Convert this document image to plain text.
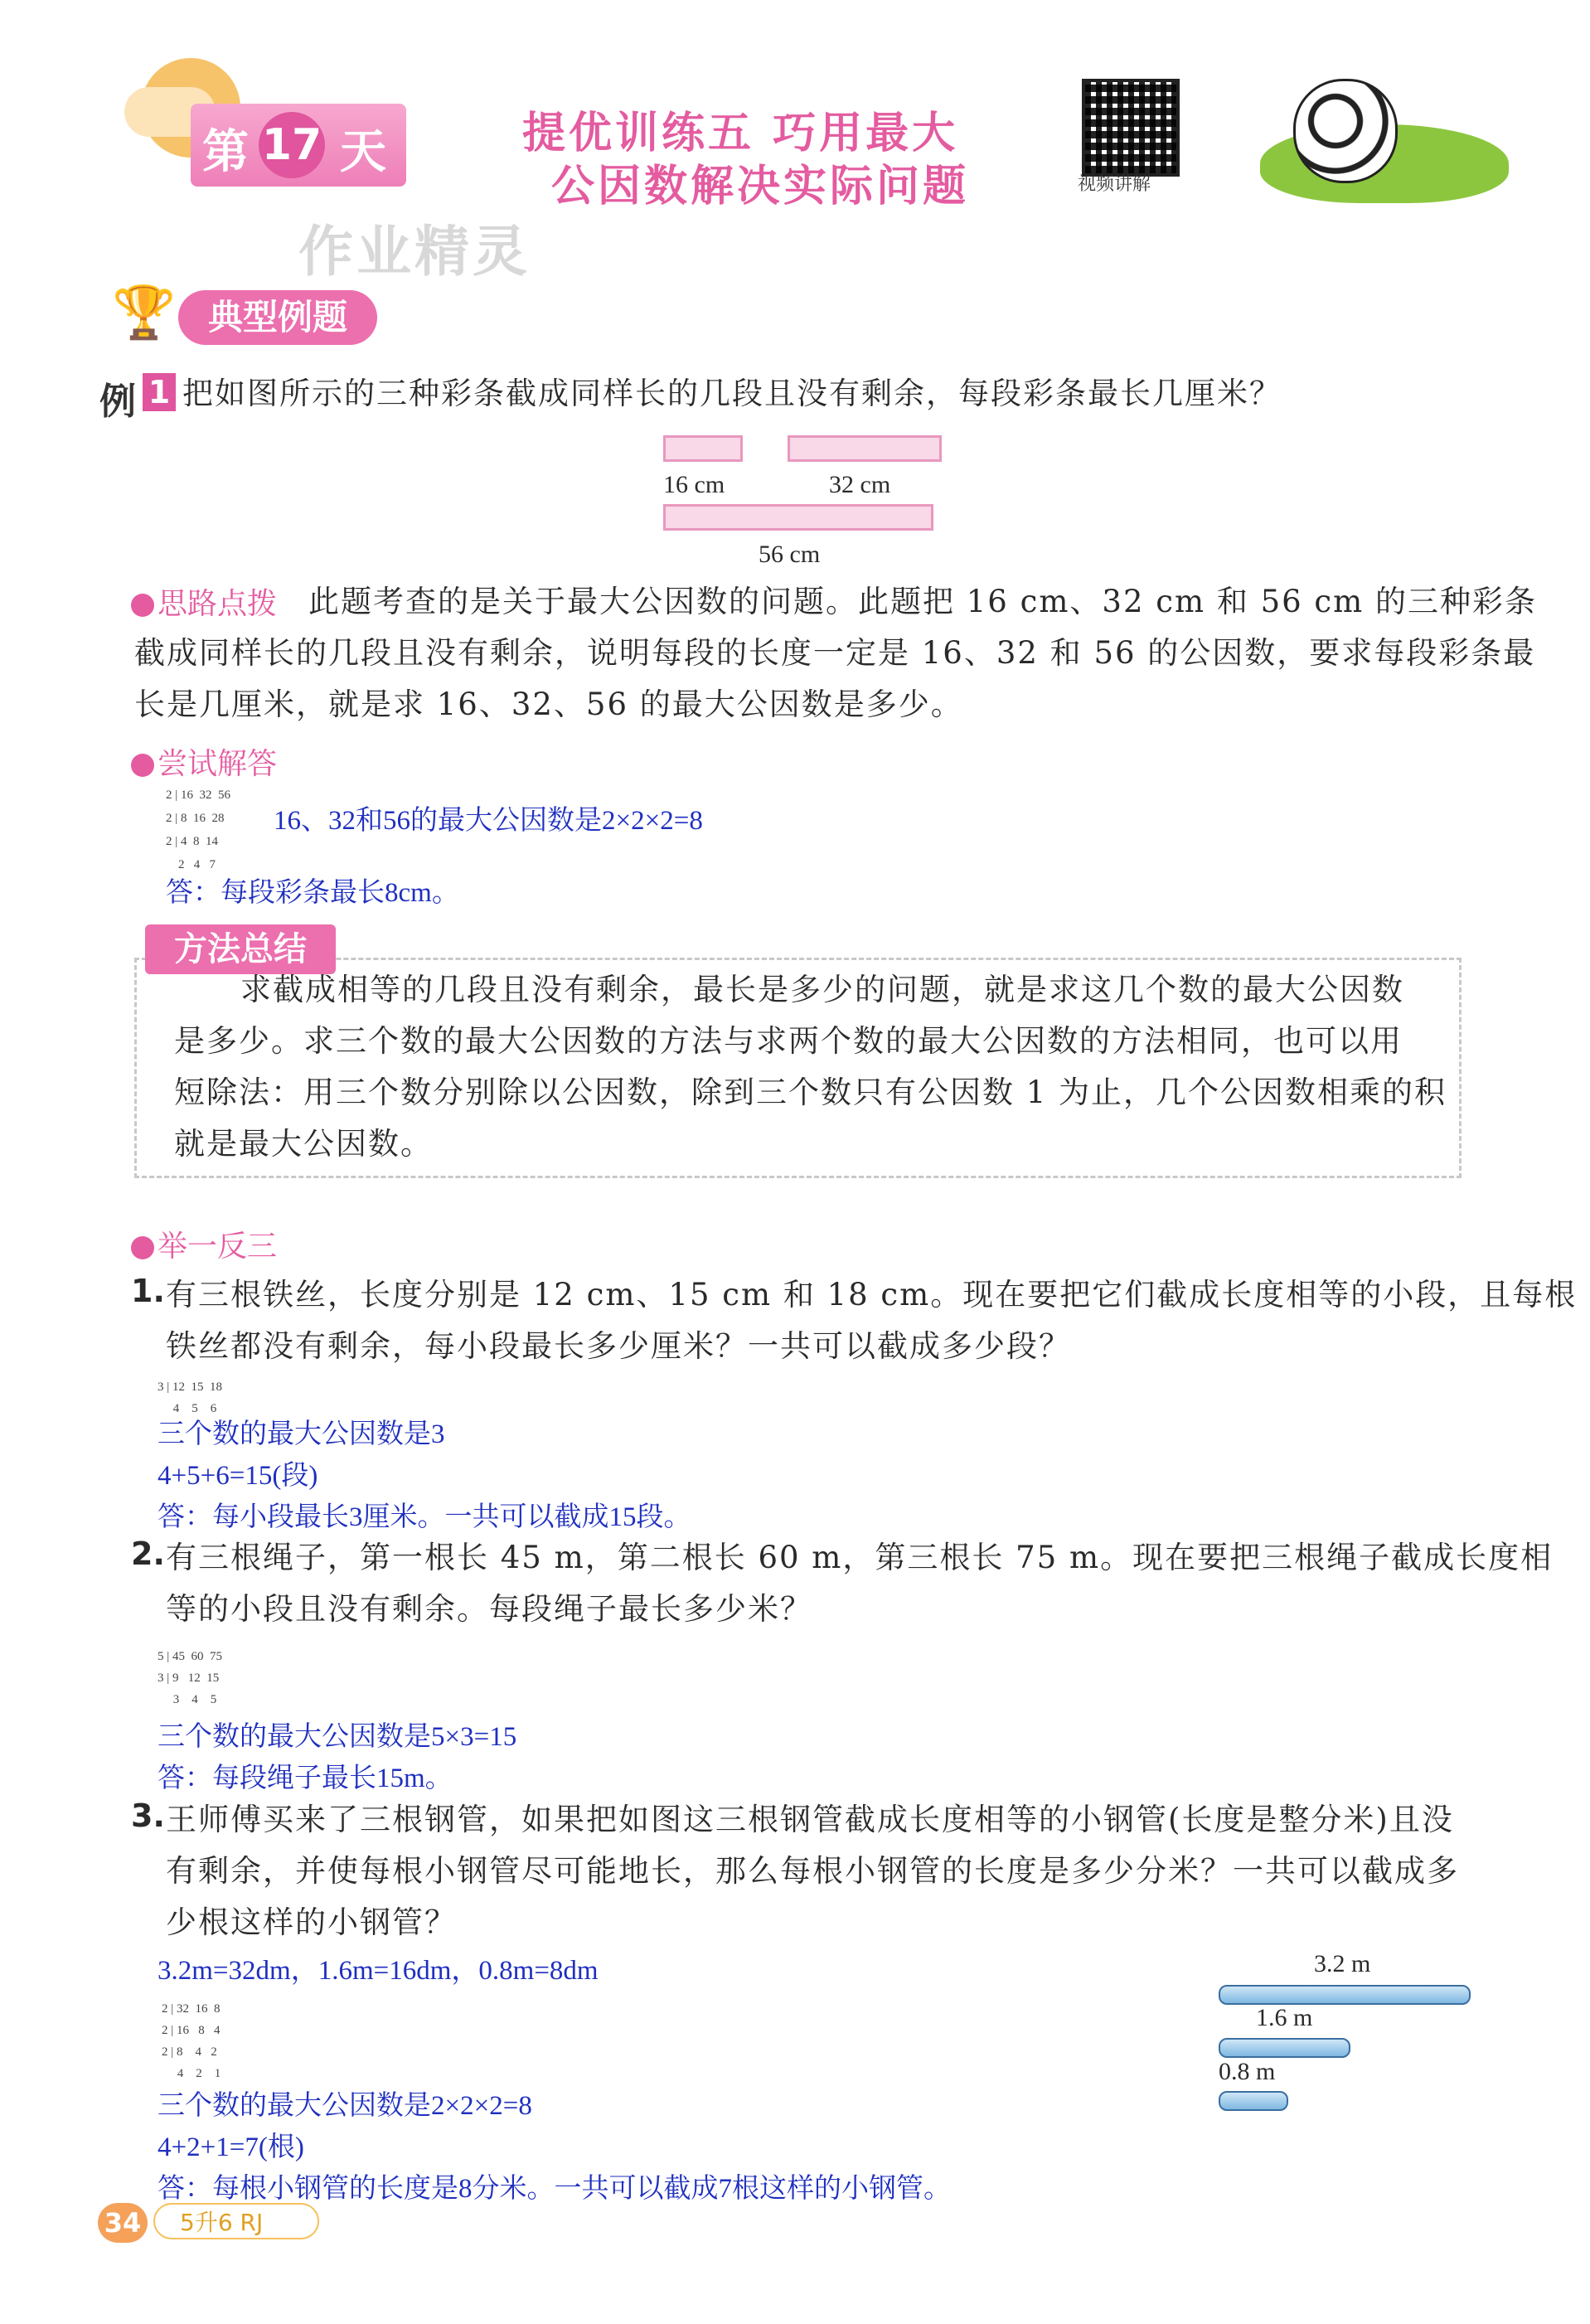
第 17 天	提优训练五 巧用最大
公因数解决实际问题	视频讲解
作业精灵
🏆 典型例题
例 1 把如图所示的三种彩条截成同样长的几段且没有剩余，每段彩条最长几厘米？
16 cm	32 cm
56 cm
思路点拨 此题考查的是关于最大公因数的问题。此题把 16 cm、32 cm 和 56 cm 的三种彩条
截成同样长的几段且没有剩余，说明每段的长度一定是 16、32 和 56 的公因数，要求每段彩条最
长是几厘米，就是求 16、32、56 的最大公因数是多少。
尝试解答
2 | 16 32 56
2 | 8 16 28
2 | 4 8 14
2 4 7
16、32和56的最大公因数是2×2×2=8
答：每段彩条最长8cm。
方法总结
求截成相等的几段且没有剩余，最长是多少的问题，就是求这几个数的最大公因数
是多少。求三个数的最大公因数的方法与求两个数的最大公因数的方法相同，也可以用
短除法：用三个数分别除以公因数，除到三个数只有公因数 1 为止，几个公因数相乘的积
就是最大公因数。
举一反三
1. 有三根铁丝，长度分别是 12 cm、15 cm 和 18 cm。现在要把它们截成长度相等的小段，且每根
铁丝都没有剩余，每小段最长多少厘米？一共可以截成多少段？
3 | 12 15 18
4 5 6
三个数的最大公因数是3
4+5+6=15(段)
答：每小段最长3厘米。一共可以截成15段。
2. 有三根绳子，第一根长 45 m，第二根长 60 m，第三根长 75 m。现在要把三根绳子截成长度相
等的小段且没有剩余。每段绳子最长多少米？
5 | 45 60 75
3 | 9 12 15
3 4 5
三个数的最大公因数是5×3=15
答：每段绳子最长15m。
3. 王师傅买来了三根钢管，如果把如图这三根钢管截成长度相等的小钢管(长度是整分米)且没
有剩余，并使每根小钢管尽可能地长，那么每根小钢管的长度是多少分米？一共可以截成多
少根这样的小钢管？
3.2m=32dm，1.6m=16dm，0.8m=8dm
2 | 32 16 8
2 | 16 8 4
2 | 8 4 2
4 2 1
三个数的最大公因数是2×2×2=8
4+2+1=7(根)
答：每根小钢管的长度是8分米。一共可以截成7根这样的小钢管。
3.2 m
1.6 m
0.8 m
5升6 RJ
34
